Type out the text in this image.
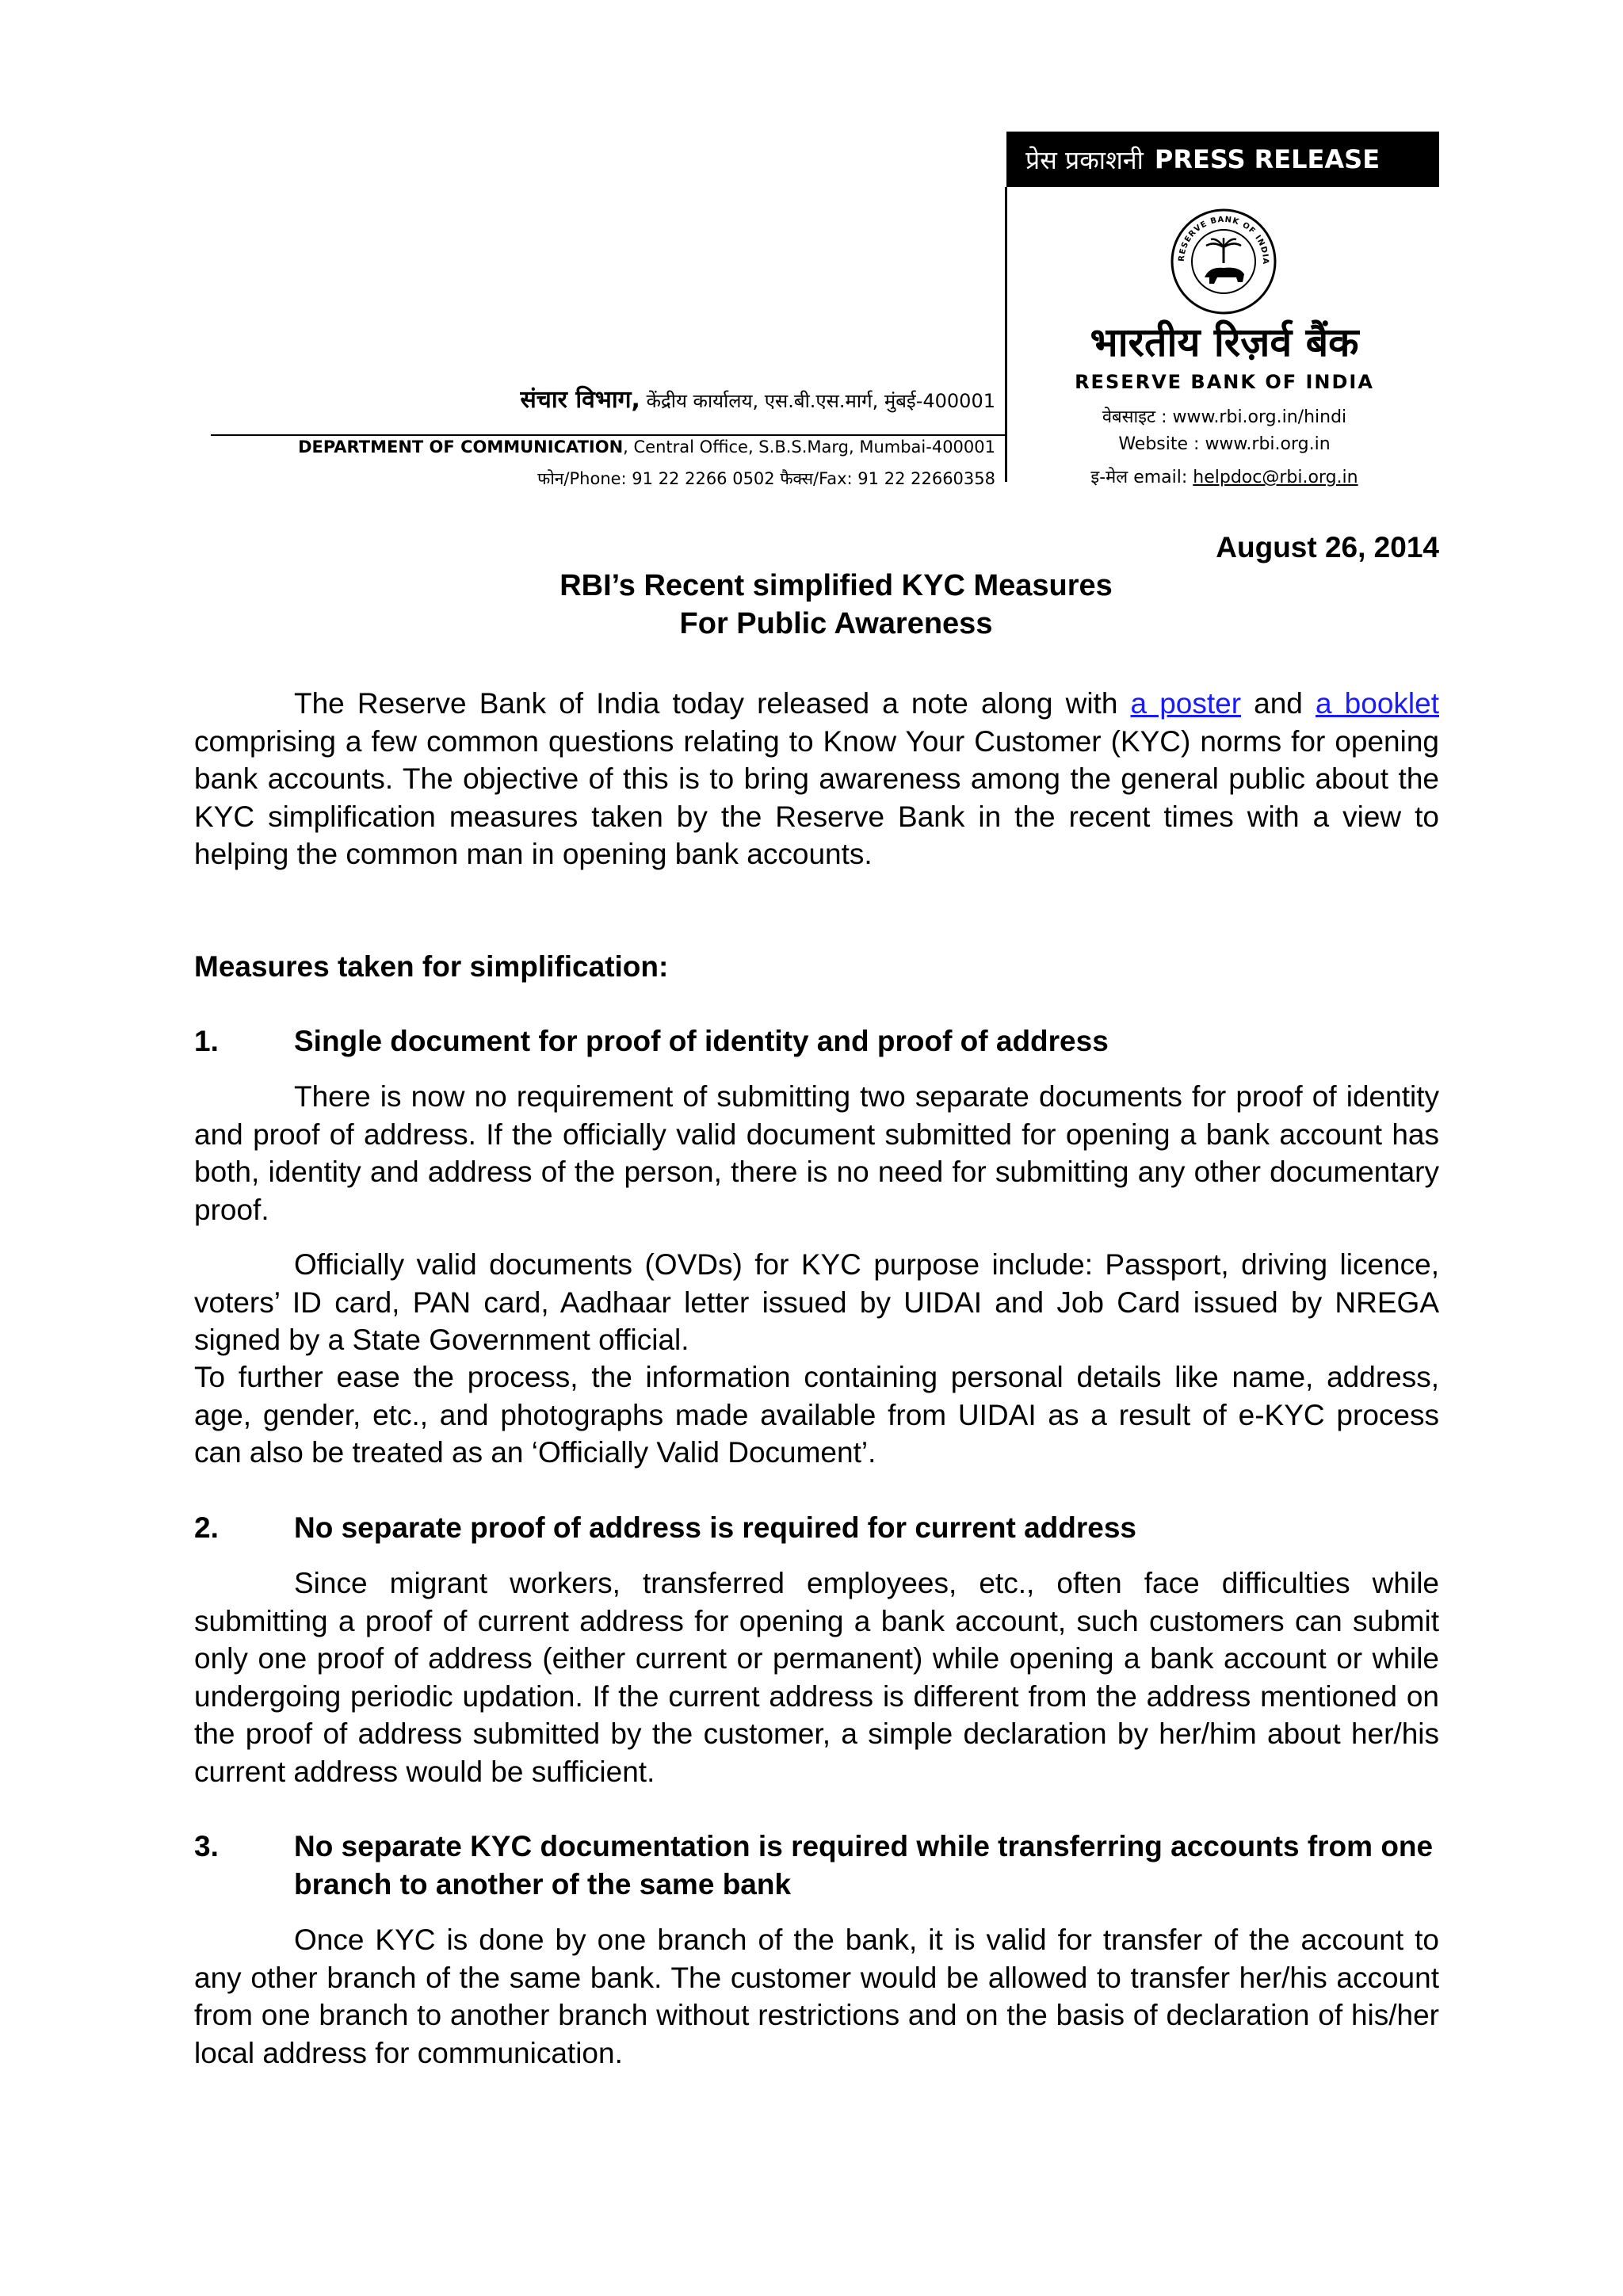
प्रेस प्रकाशनी PRESS RELEASE
संचार विभाग, केंद्रीय कार्यालय, एस.बी.एस.मार्ग, मुंबई-400001
DEPARTMENT OF COMMUNICATION, Central Office, S.B.S.Marg, Mumbai-400001
फोन/Phone: 91 22 2266 0502 फैक्स/Fax: 91 22 22660358
RESERVE BANK OF INDIA
भारतीय रिज़र्व बैंक
RESERVE BANK OF INDIA
वेबसाइट : www.rbi.org.in/hindi
Website : www.rbi.org.in
इ-मेल email: helpdoc@rbi.org.in
August 26, 2014
RBI’s Recent simplified KYC Measures
For Public Awareness

The Reserve Bank of India today released a note along with a poster and a booklet comprising a few common questions relating to Know Your Customer (KYC) norms for opening bank accounts. The objective of this is to bring awareness among the general public about the KYC simplification measures taken by the Reserve Bank in the recent times with a view to helping the common man in opening bank accounts.

Measures taken for simplification:
1.	Single document for proof of identity and proof of address

There is now no requirement of submitting two separate documents for proof of identity and proof of address. If the officially valid document submitted for opening a bank account has both, identity and address of the person, there is no need for submitting any other documentary proof.

Officially valid documents (OVDs) for KYC purpose include: Passport, driving licence, voters’ ID card, PAN card, Aadhaar letter issued by UIDAI and Job Card issued by NREGA signed by a State Government official.

To further ease the process, the information containing personal details like name, address, age, gender, etc., and photographs made available from UIDAI as a result of e-KYC process can also be treated as an ‘Officially Valid Document’.

2.	No separate proof of address is required for current address

Since migrant workers, transferred employees, etc., often face difficulties while submitting a proof of current address for opening a bank account, such customers can submit only one proof of address (either current or permanent) while opening a bank account or while undergoing periodic updation. If the current address is different from the address mentioned on the proof of address submitted by the customer, a simple declaration by her/him about her/his current address would be sufficient.

3.	No separate KYC documentation is required while transferring accounts from one branch to another of the same bank

Once KYC is done by one branch of the bank, it is valid for transfer of the account to any other branch of the same bank. The customer would be allowed to transfer her/his account from one branch to another branch without restrictions and on the basis of declaration of his/her local address for communication.
